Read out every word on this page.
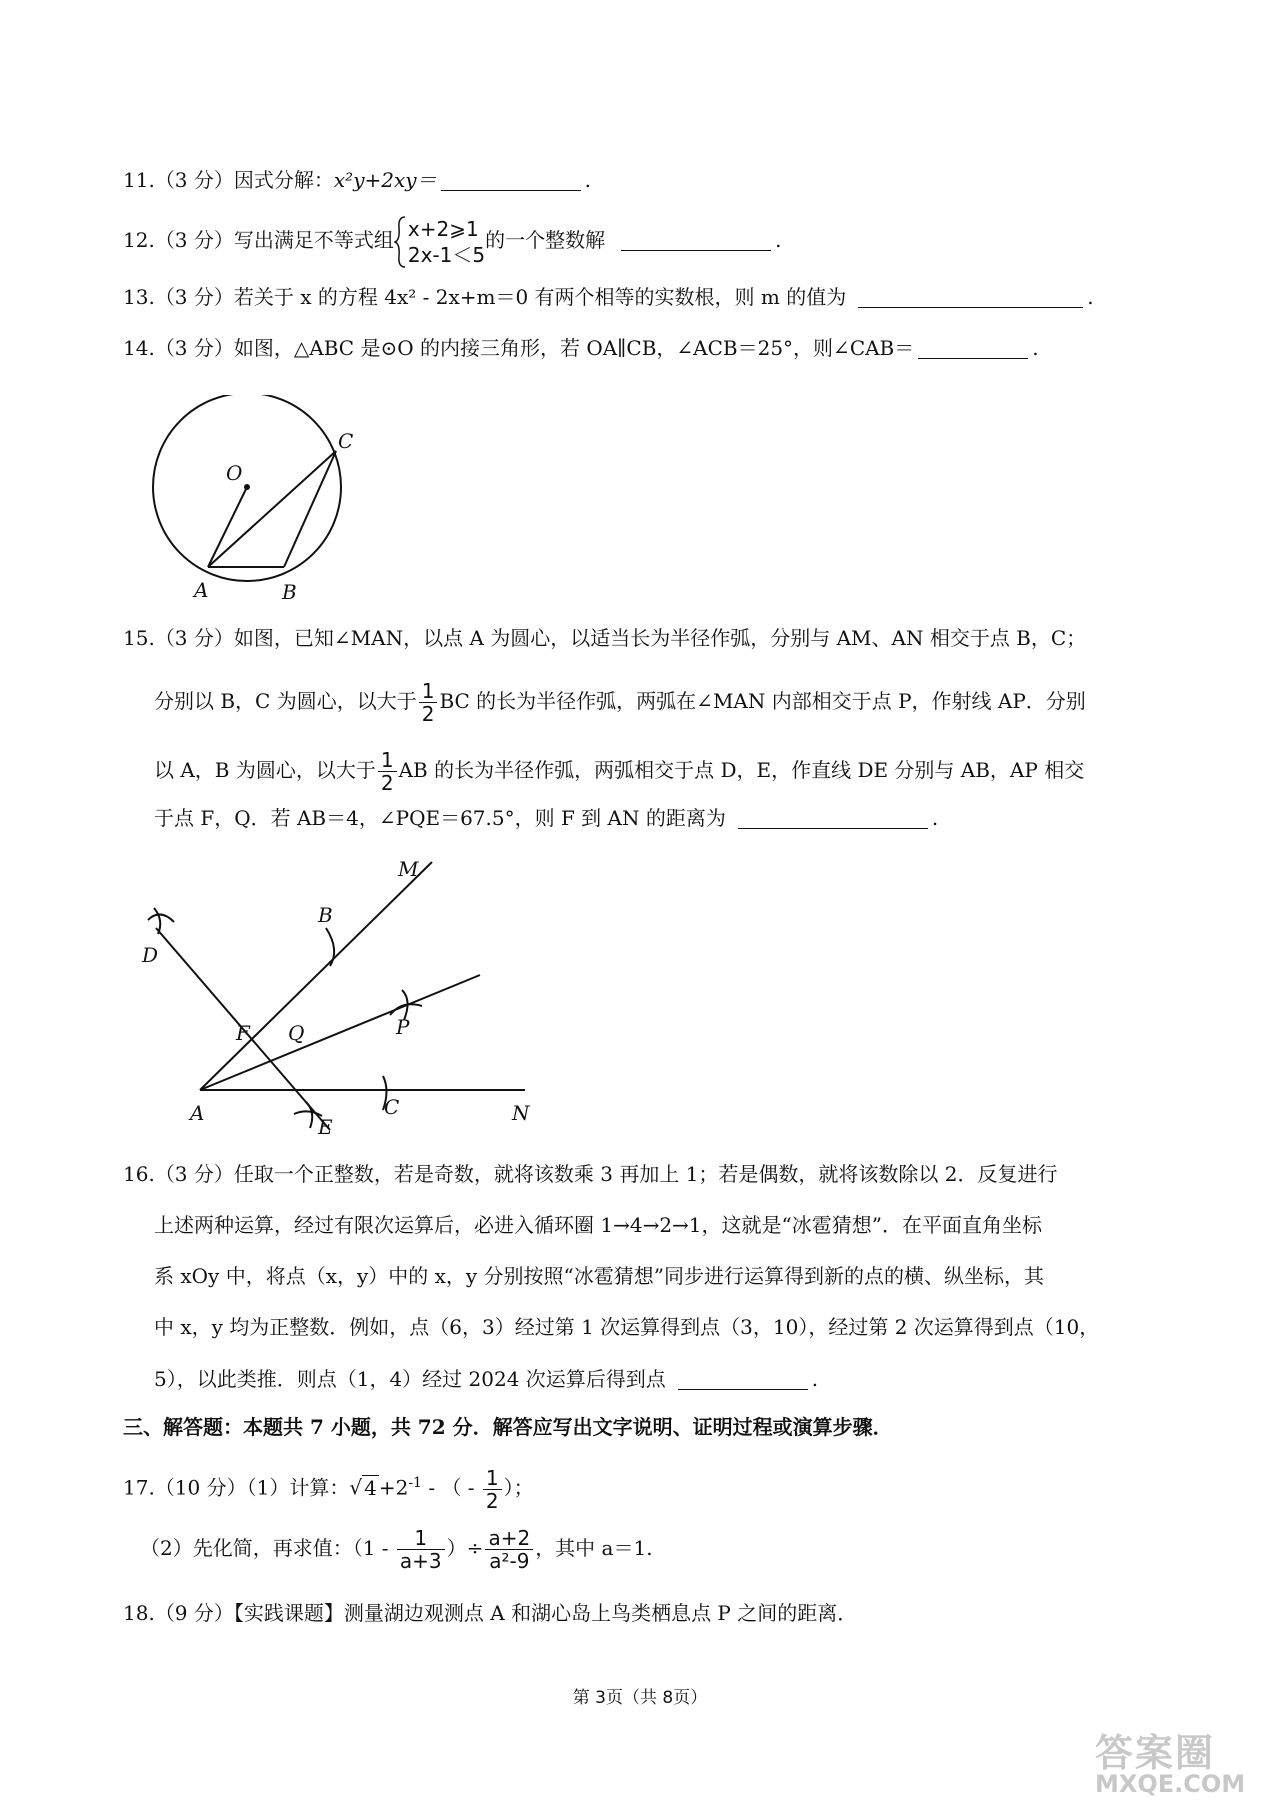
11.（3 分）因式分解：x²y+2xy＝	.
12.（3 分）写出满足不等式组 x+2⩾1
2x-1＜5
的一个整数解	.
13.（3 分）若关于 x 的方程 4x² - 2x+m＝0 有两个相等的实数根，则 m 的值为	.
14.（3 分）如图，△ABC 是⊙O 的内接三角形，若 OA∥CB，∠ACB＝25°，则∠CAB＝	.
O
C
A	B
15.（3 分）如图，已知∠MAN，以点 A 为圆心，以适当长为半径作弧，分别与 AM、AN 相交于点 B，C；
分别以 B，C 为圆心，以大于 $\frac{1}{2}$ BC 的长为半径作弧，两弧在∠MAN 内部相交于点 P，作射线 AP．分别
以 A，B 为圆心，以大于 $\frac{1}{2}$ AB 的长为半径作弧，两弧相交于点 D，E，作直线 DE 分别与 AB，AP 相交
于点 F，Q．若 AB＝4，∠PQE＝67.5°，则 F 到 AN 的距离为	.
M
B
D
F Q	P
A	C	N
E
16.（3 分）任取一个正整数，若是奇数，就将该数乘 3 再加上 1；若是偶数，就将该数除以 2．反复进行
上述两种运算，经过有限次运算后，必进入循环圈 1→4→2→1，这就是“冰雹猜想”．在平面直角坐标
系 xOy 中，将点（x，y）中的 x，y 分别按照“冰雹猜想”同步进行运算得到新的点的横、纵坐标，其
中 x，y 均为正整数．例如，点（6，3）经过第 1 次运算得到点（3，10），经过第 2 次运算得到点（10，
5），以此类推．则点（1，4）经过 2024 次运算后得到点	.
三、解答题：本题共 7 小题，共 72 分．解答应写出文字说明、证明过程或演算步骤．
17.（10 分）（1）计算：√ $4 +2^{-1}$ - （ - $\frac{1}{2}$ ）；
（2）先化简，再求值：（$1 - \frac{1}{a+3}$ ）÷ $\frac{a+2}{\text{a²-9}}$ ，其中 a＝1.
18.（9 分）【实践课题】测量湖边观测点 A 和湖心岛上鸟类栖息点 P 之间的距离．
第 3页（共 8页）
答案圈
MXQE.COM
